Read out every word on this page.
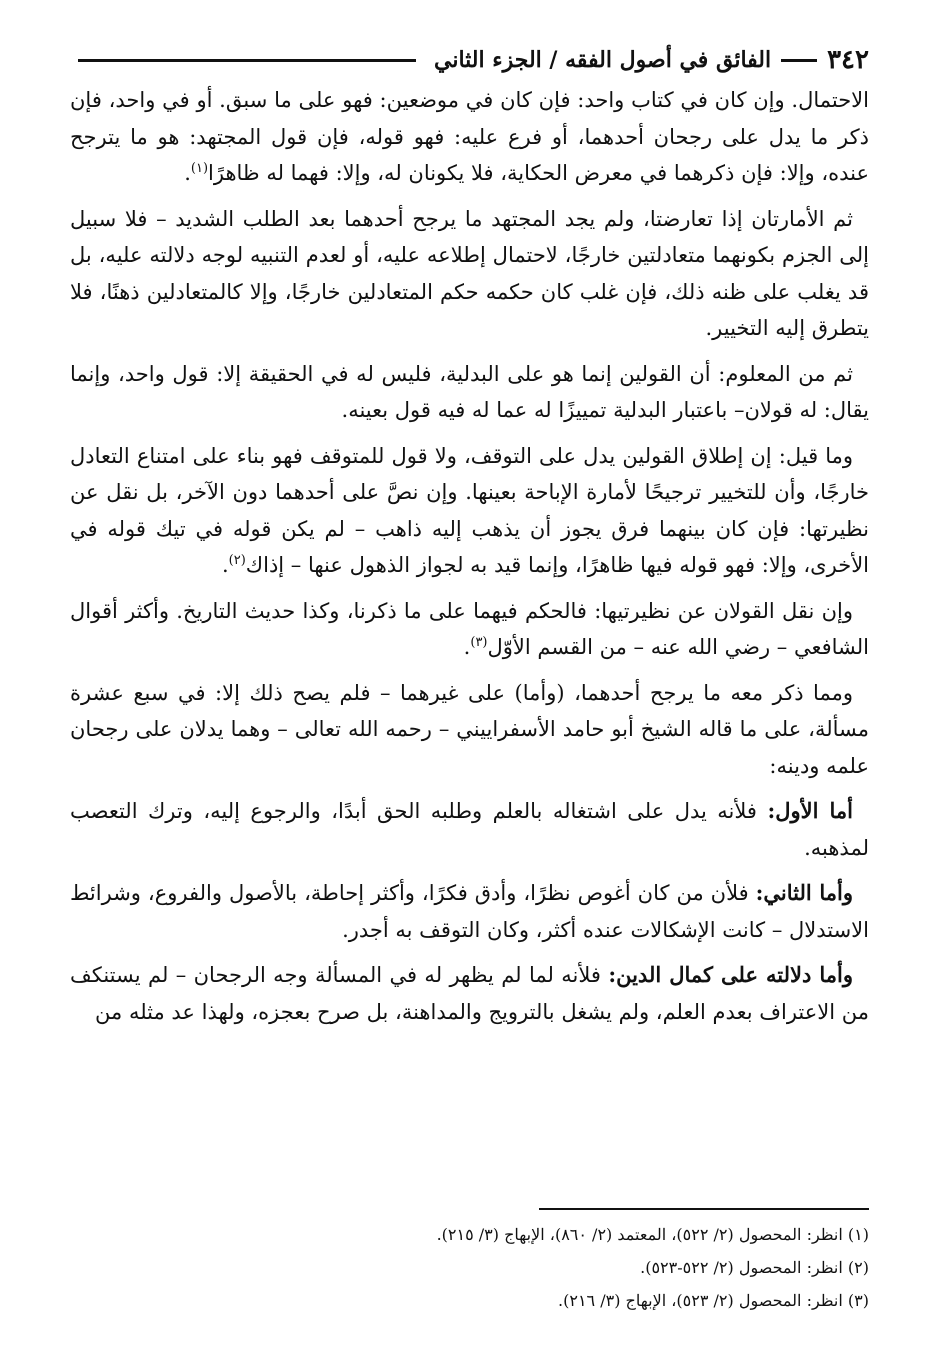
٣٤٢
الفائق في أصول الفقه / الجزء الثاني

الاحتمال. وإن كان في كتاب واحد: فإن كان في موضعين: فهو على ما سبق. أو في واحد، فإن ذكر ما يدل على رجحان أحدهما، أو فرع عليه: فهو قوله، فإن قول المجتهد: هو ما يترجح عنده، وإلا: فإن ذكرهما في معرض الحكاية، فلا يكونان له، وإلا: فهما له ظاهرًا$^{(١)}$.

ثم الأمارتان إذا تعارضتا، ولم يجد المجتهد ما يرجح أحدهما بعد الطلب الشديد – فلا سبيل إلى الجزم بكونهما متعادلتين خارجًا، لاحتمال إطلاعه عليه، أو لعدم التنبيه لوجه دلالته عليه، بل قد يغلب على ظنه ذلك، فإن غلب كان حكمه حكم المتعادلين خارجًا، وإلا كالمتعادلين ذهنًا، فلا يتطرق إليه التخيير.

ثم من المعلوم: أن القولين إنما هو على البدلية، فليس له في الحقيقة إلا: قول واحد، وإنما يقال: له قولان– باعتبار البدلية تمييزًا له عما له فيه قول بعينه.

وما قيل: إن إطلاق القولين يدل على التوقف، ولا قول للمتوقف فهو بناء على امتناع التعادل خارجًا، وأن للتخيير ترجيحًا لأمارة الإباحة بعينها. وإن نصَّ على أحدهما دون الآخر، بل نقل عن نظيرتها: فإن كان بينهما فرق يجوز أن يذهب إليه ذاهب – لم يكن قوله في تيك قوله في الأخرى، وإلا: فهو قوله فيها ظاهرًا، وإنما قيد به لجواز الذهول عنها – إذاك$^{(٢)}$.

وإن نقل القولان عن نظيرتيها: فالحكم فيهما على ما ذكرنا، وكذا حديث التاريخ. وأكثر أقوال الشافعي – رضي الله عنه – من القسم الأوّل$^{(٣)}$.

ومما ذكر معه ما يرجح أحدهما، (وأما) على غيرهما – فلم يصح ذلك إلا: في سبع عشرة مسألة، على ما قاله الشيخ أبو حامد الأسفراييني – رحمه الله تعالى – وهما يدلان على رجحان علمه ودينه:

أما الأول: فلأنه يدل على اشتغاله بالعلم وطلبه الحق أبدًا، والرجوع إليه، وترك التعصب لمذهبه.

وأما الثاني: فلأن من كان أغوص نظرًا، وأدق فكرًا، وأكثر إحاطة، بالأصول والفروع، وشرائط الاستدلال – كانت الإشكالات عنده أكثر، وكان التوقف به أجدر.

وأما دلالته على كمال الدين: فلأنه لما لم يظهر له في المسألة وجه الرجحان – لم يستنكف من الاعتراف بعدم العلم، ولم يشغل بالترويج والمداهنة، بل صرح بعجزه، ولهذا عد مثله من

(١) انظر: المحصول (٢/ ٥٢٢)، المعتمد (٢/ ٨٦٠)، الإبهاج (٣/ ٢١٥).
(٢) انظر: المحصول (٢/ ٥٢٢-٥٢٣).
(٣) انظر: المحصول (٢/ ٥٢٣)، الإبهاج (٣/ ٢١٦).
